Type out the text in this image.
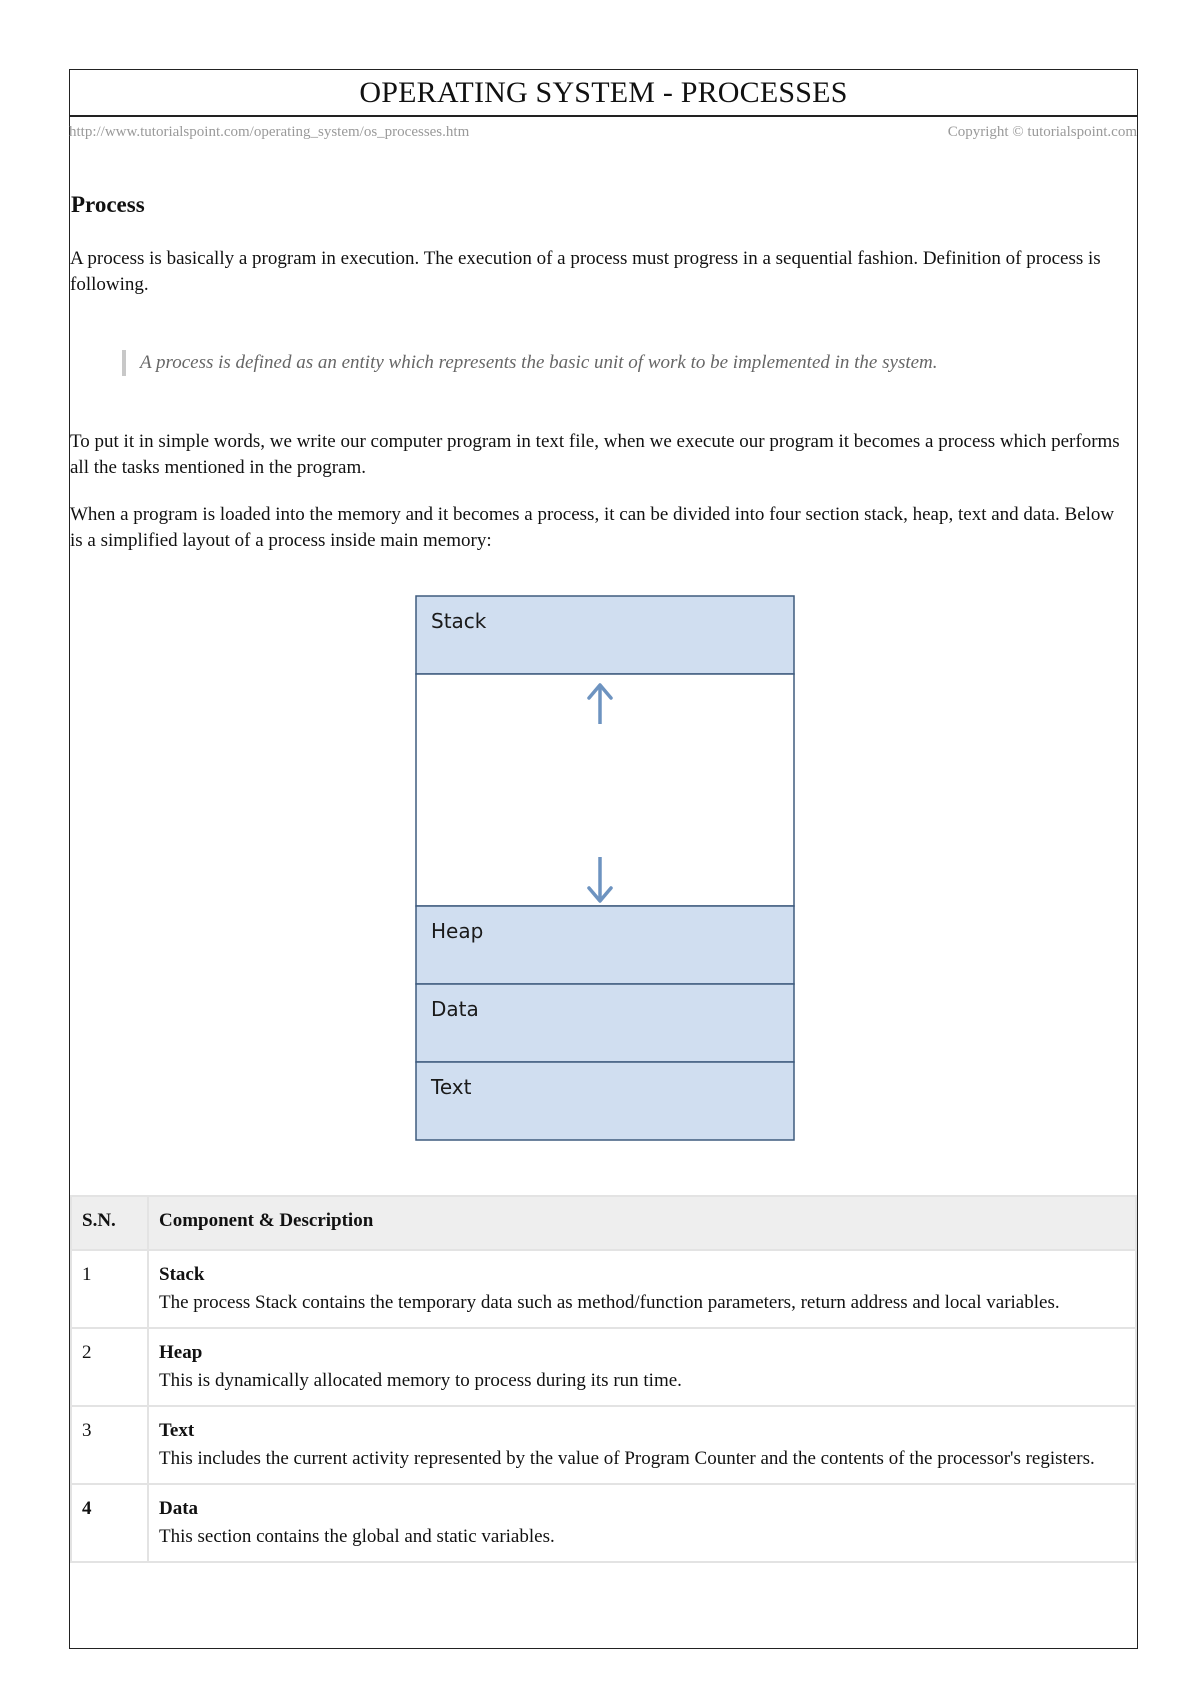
OPERATING SYSTEM - PROCESSES
http://www.tutorialspoint.com/operating_system/os_processes.htm	Copyright © tutorialspoint.com
Process

A process is basically a program in execution. The execution of a process must progress in a sequential fashion. Definition of process is following.

A process is defined as an entity which represents the basic unit of work to be implemented in the system.

To put it in simple words, we write our computer program in text file, when we execute our program it becomes a process which performs all the tasks mentioned in the program.

When a program is loaded into the memory and it becomes a process, it can be divided into four section stack, heap, text and data. Below is a simplified layout of a process inside main memory:

Stack
Heap
Data
Text
S.N.	Component & Description
1	Stack
The process Stack contains the temporary data such as method/function parameters, return address and local variables.

2	Heap
This is dynamically allocated memory to process during its run time.

3	Text
This includes the current activity represented by the value of Program Counter and the contents of the processor's registers.

4	Data
This section contains the global and static variables.
